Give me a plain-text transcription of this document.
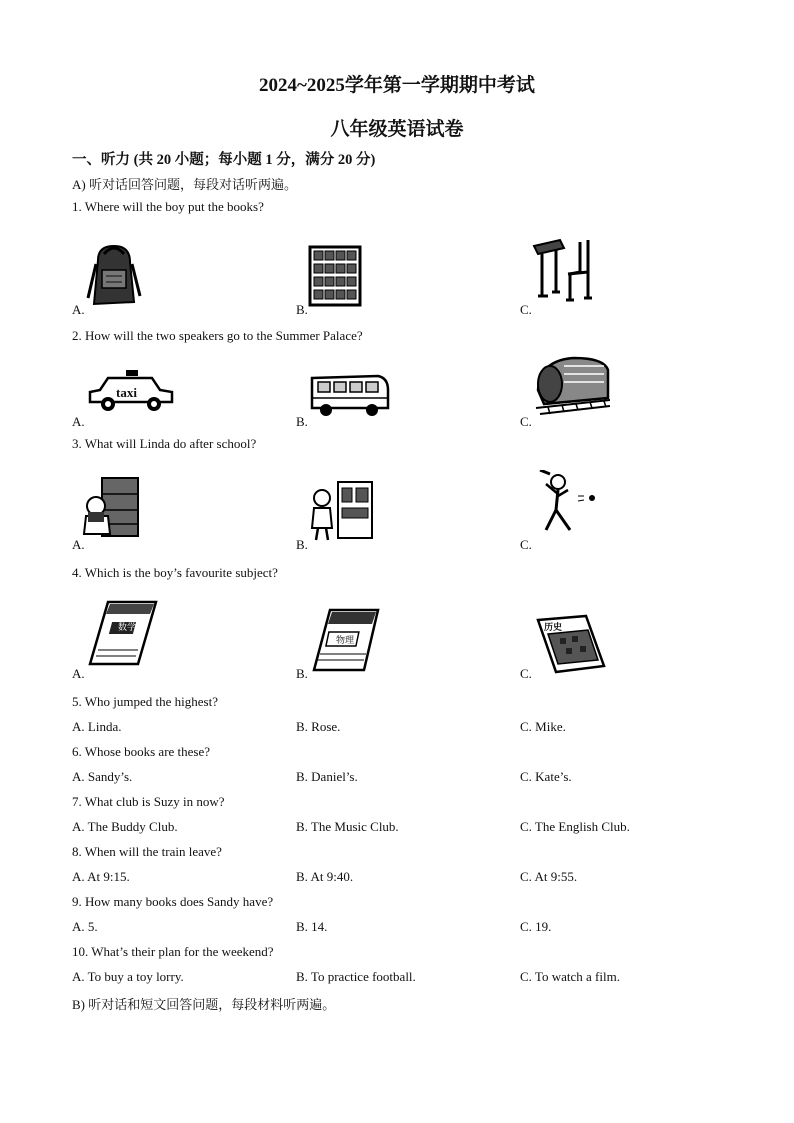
2024~2025学年第一学期期中考试
八年级英语试卷
一、听力 (共 20 小题；每小题 1 分，满分 20 分)
A) 听对话回答问题，每段对话听两遍。
1. Where will the boy put the books?
A.	B.	C.
2. How will the two speakers go to the Summer Palace?
taxi
A.	B.	C.
3. What will Linda do after school?
A.	B.	C.
4. Which is the boy’s favourite subject?
数学
物理
历史
A.	B.	C.
5. Who jumped the highest?
A. Linda.	B. Rose.	C. Mike.
6. Whose books are these?
A. Sandy’s.	B. Daniel’s.	C. Kate’s.
7. What club is Suzy in now?
A. The Buddy Club.	B. The Music Club.	C. The English Club.
8. When will the train leave?
A. At 9:15.	B. At 9:40.	C. At 9:55.
9. How many books does Sandy have?
A. 5.	B. 14.	C. 19.
10. What’s their plan for the weekend?
A. To buy a toy lorry.	B. To practice football.	C. To watch a film.
B) 听对话和短文回答问题，每段材料听两遍。
